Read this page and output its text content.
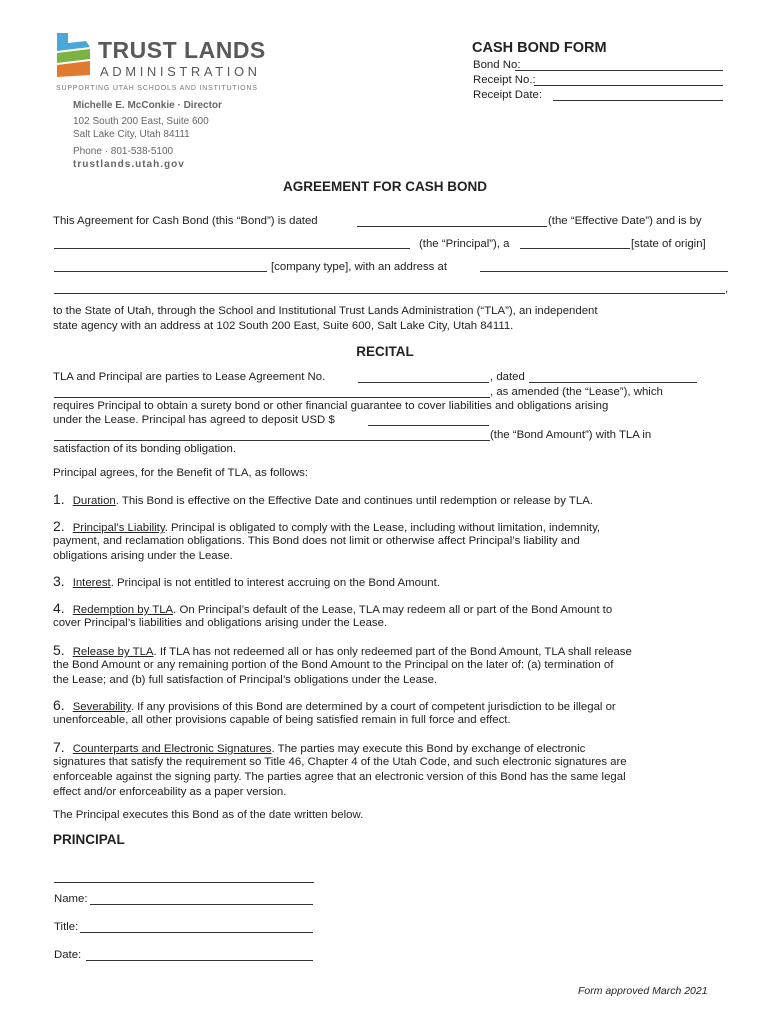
TRUST LANDS
ADMINISTRATION
SUPPORTING UTAH SCHOOLS AND INSTITUTIONS
Michelle E. McConkie · Director
102 South 200 East, Suite 600
Salt Lake City, Utah 84111
Phone · 801-538-5100
trustlands.utah.gov
CASH BOND FORM
Bond No:
Receipt No.:
Receipt Date:
AGREEMENT FOR CASH BOND
This Agreement for Cash Bond (this “Bond”) is dated	(the “Effective Date”) and is by
(the “Principal”), a	[state of origin]
[company type], with an address at
,
to the State of Utah, through the School and Institutional Trust Lands Administration (“TLA”), an independent
state agency with an address at 102 South 200 East, Suite 600, Salt Lake City, Utah 84111.
RECITAL
TLA and Principal are parties to Lease Agreement No.	, dated
, as amended (the “Lease”), which
requires Principal to obtain a surety bond or other financial guarantee to cover liabilities and obligations arising
under the Lease. Principal has agreed to deposit USD $
(the “Bond Amount”) with TLA in
satisfaction of its bonding obligation.
Principal agrees, for the Benefit of TLA, as follows:
1. Duration. This Bond is effective on the Effective Date and continues until redemption or release by TLA.
2. Principal’s Liability. Principal is obligated to comply with the Lease, including without limitation, indemnity,
payment, and reclamation obligations. This Bond does not limit or otherwise affect Principal’s liability and
obligations arising under the Lease.
3. Interest. Principal is not entitled to interest accruing on the Bond Amount.
4. Redemption by TLA. On Principal’s default of the Lease, TLA may redeem all or part of the Bond Amount to
cover Principal’s liabilities and obligations arising under the Lease.
5. Release by TLA. If TLA has not redeemed all or has only redeemed part of the Bond Amount, TLA shall release
the Bond Amount or any remaining portion of the Bond Amount to the Principal on the later of: (a) termination of
the Lease; and (b) full satisfaction of Principal’s obligations under the Lease.
6. Severability. If any provisions of this Bond are determined by a court of competent jurisdiction to be illegal or
unenforceable, all other provisions capable of being satisfied remain in full force and effect.
7. Counterparts and Electronic Signatures. The parties may execute this Bond by exchange of electronic
signatures that satisfy the requirement so Title 46, Chapter 4 of the Utah Code, and such electronic signatures are
enforceable against the signing party. The parties agree that an electronic version of this Bond has the same legal
effect and/or enforceability as a paper version.
The Principal executes this Bond as of the date written below.
PRINCIPAL
Name:
Title:
Date:
Form approved March 2021
